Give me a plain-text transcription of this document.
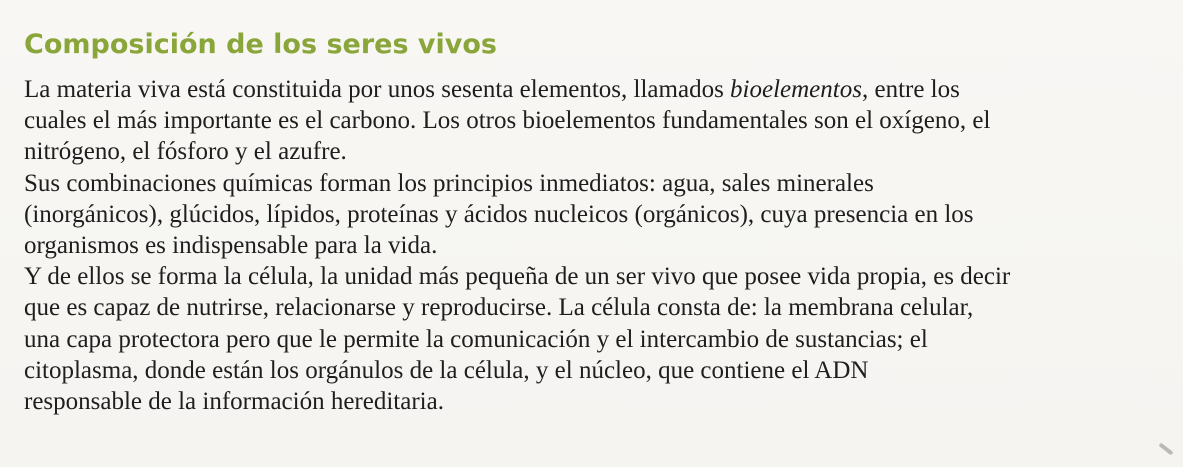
Composición de los seres vivos

La materia viva está constituida por unos sesenta elementos, llamados bioelementos, entre los
cuales el más importante es el carbono. Los otros bioelementos fundamentales son el oxígeno, el
nitrógeno, el fósforo y el azufre.

Sus combinaciones químicas forman los principios inmediatos: agua, sales minerales
(inorgánicos), glúcidos, lípidos, proteínas y ácidos nucleicos (orgánicos), cuya presencia en los
organismos es indispensable para la vida.

Y de ellos se forma la célula, la unidad más pequeña de un ser vivo que posee vida propia, es decir
que es capaz de nutrirse, relacionarse y reproducirse. La célula consta de: la membrana celular,
una capa protectora pero que le permite la comunicación y el intercambio de sustancias; el
citoplasma, donde están los orgánulos de la célula, y el núcleo, que contiene el ADN
responsable de la información hereditaria.
